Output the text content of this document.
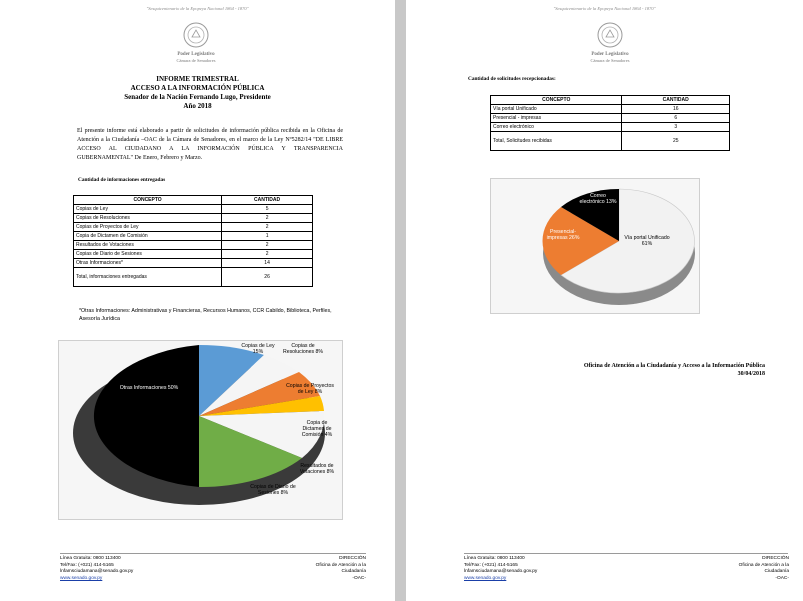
"Sesquicentenario de la Epopeya Nacional 1864 - 1870"
Poder Legislativo
Cámara de Senadores
INFORME TRIMESTRAL
ACCESO A LA INFORMACIÓN PÚBLICA
Senador de la Nación Fernando Lugo, Presidente
Año 2018
El presente informe está elaborado a partir de solicitudes de información pública recibida en la Oficina de Atención a la Ciudadanía –OAC de la Cámara de Senadores, en el marco de la Ley Nº5282/14 "DE LIBRE ACCESO AL CIUDADANO A LA INFORMACIÓN PÚBLICA Y TRANSPARENCIA GUBERNAMENTAL" De Enero, Febrero y Marzo.
Cantidad de informaciones entregadas
CONCEPTO	CANTIDAD
Copias de Ley	5
Copias de Resoluciones	2
Copias de Proyectos de Ley	2
Copia de Dictamen de Comisión	1
Resultados de Votaciones	2
Copias de Diario de Sesiones	2
Otras Informaciones*	14
Total, informaciones entregadas	26
*Otras Informaciones: Administrativas y Financieras, Recursos Humanos, CCR Cabildo, Biblioteca, Perfiles, Asesoría Jurídica
Otras Informaciones 50%
Copias de Ley 15%
Copias de Resoluciones 8%
Copias de Proyectos de Ley 8%
Copia de Dictamen de Comisión 4%
Resultados de Votaciones 8%
Copias de Diario de Sesiones 8%
Línea Gratuita: 0800 113400
Tel/Fax: (+021) 414-5165
lnfamsciudamana@senado.gov.py
www.senado.gov.py
DIRECCIÓN
Oficina de Atención a la
Ciudadanía
-OAC-
"Sesquicentenario de la Epopeya Nacional 1864 - 1870"
Poder Legislativo
Cámara de Senadores
Cantidad de solicitudes recepcionadas:
CONCEPTO	CANTIDAD
Vía portal Unificado	16
Presencial - impresas	6
Correo electrónico	3
Total, Solicitudes recibidas	25
Vía portal Unificado 61%
Presencial- impresas 26%
Correo electrónico 13%
Oficina de Atención a la Ciudadanía y Acceso a la Información Pública
30/04/2018
Línea Gratuita: 0800 113400
Tel/Fax: (+021) 414-5165
lnfamsciudamana@senado.gov.py
www.senado.gov.py
DIRECCIÓN
Oficina de Atención a la
Ciudadanía
-OAC-
